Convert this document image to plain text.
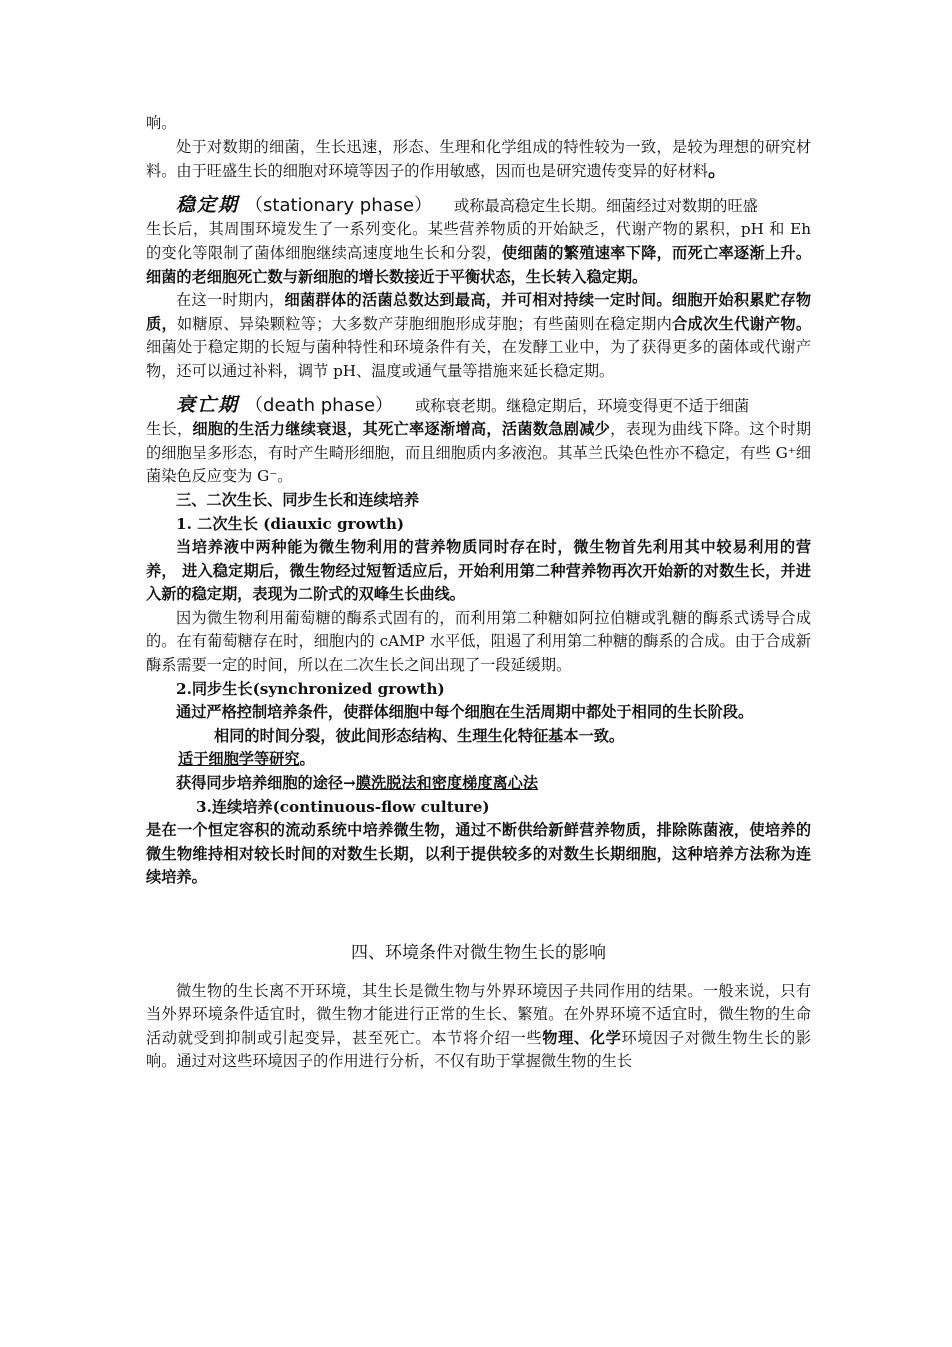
响。

处于对数期的细菌，生长迅速，形态、生理和化学组成的特性较为一致，是较为理想的研究材料。由于旺盛生长的细胞对环境等因子的作用敏感，因而也是研究遗传变异的好材料。

稳定期 （stationary phase） 或称最高稳定生长期。细菌经过对数期的旺盛

生长后，其周围环境发生了一系列变化。某些营养物质的开始缺乏，代谢产物的累积，pH 和 Eh 的变化等限制了菌体细胞继续高速度地生长和分裂，使细菌的繁殖速率下降，而死亡率逐渐上升。细菌的老细胞死亡数与新细胞的增长数接近于平衡状态，生长转入稳定期。

在这一时期内，细菌群体的活菌总数达到最高，并可相对持续一定时间。细胞开始积累贮存物质，如糖原、异染颗粒等；大多数产芽胞细胞形成芽胞；有些菌则在稳定期内合成次生代谢产物。细菌处于稳定期的长短与菌种特性和环境条件有关，在发酵工业中，为了获得更多的菌体或代谢产物，还可以通过补料，调节 pH、温度或通气量等措施来延长稳定期。

衰亡期 （death phase） 或称衰老期。继稳定期后，环境变得更不适于细菌

生长，细胞的生活力继续衰退，其死亡率逐渐增高，活菌数急剧减少，表现为曲线下降。这个时期的细胞呈多形态，有时产生畸形细胞，而且细胞质内多液泡。其革兰氏染色性亦不稳定，有些 G⁺细菌染色反应变为 G⁻。

三、二次生长、同步生长和连续培养

1. 二次生长 (diauxic growth)

当培养液中两种能为微生物利用的营养物质同时存在时，微生物首先利用其中较易利用的营养， 进入稳定期后，微生物经过短暂适应后，开始利用第二种营养物再次开始新的对数生长，并进入新的稳定期，表现为二阶式的双峰生长曲线。

因为微生物利用葡萄糖的酶系式固有的，而利用第二种糖如阿拉伯糖或乳糖的酶系式诱导合成的。在有葡萄糖存在时，细胞内的 cAMP 水平低，阻遏了利用第二种糖的酶系的合成。由于合成新酶系需要一定的时间，所以在二次生长之间出现了一段延缓期。

2.同步生长(synchronized growth)

通过严格控制培养条件，使群体细胞中每个细胞在生活周期中都处于相同的生长阶段。

相同的时间分裂，彼此间形态结构、生理生化特征基本一致。

适于细胞学等研究。

获得同步培养细胞的途径→膜洗脱法和密度梯度离心法

3.连续培养(continuous-flow culture)

是在一个恒定容积的流动系统中培养微生物，通过不断供给新鲜营养物质，排除陈菌液，使培养的微生物维持相对较长时间的对数生长期，以利于提供较多的对数生长期细胞，这种培养方法称为连续培养。

四、环境条件对微生物生长的影响

微生物的生长离不开环境，其生长是微生物与外界环境因子共同作用的结果。一般来说，只有当外界环境条件适宜时，微生物才能进行正常的生长、繁殖。在外界环境不适宜时，微生物的生命活动就受到抑制或引起变异，甚至死亡。本节将介绍一些物理、化学环境因子对微生物生长的影响。通过对这些环境因子的作用进行分析，不仅有助于掌握微生物的生长
